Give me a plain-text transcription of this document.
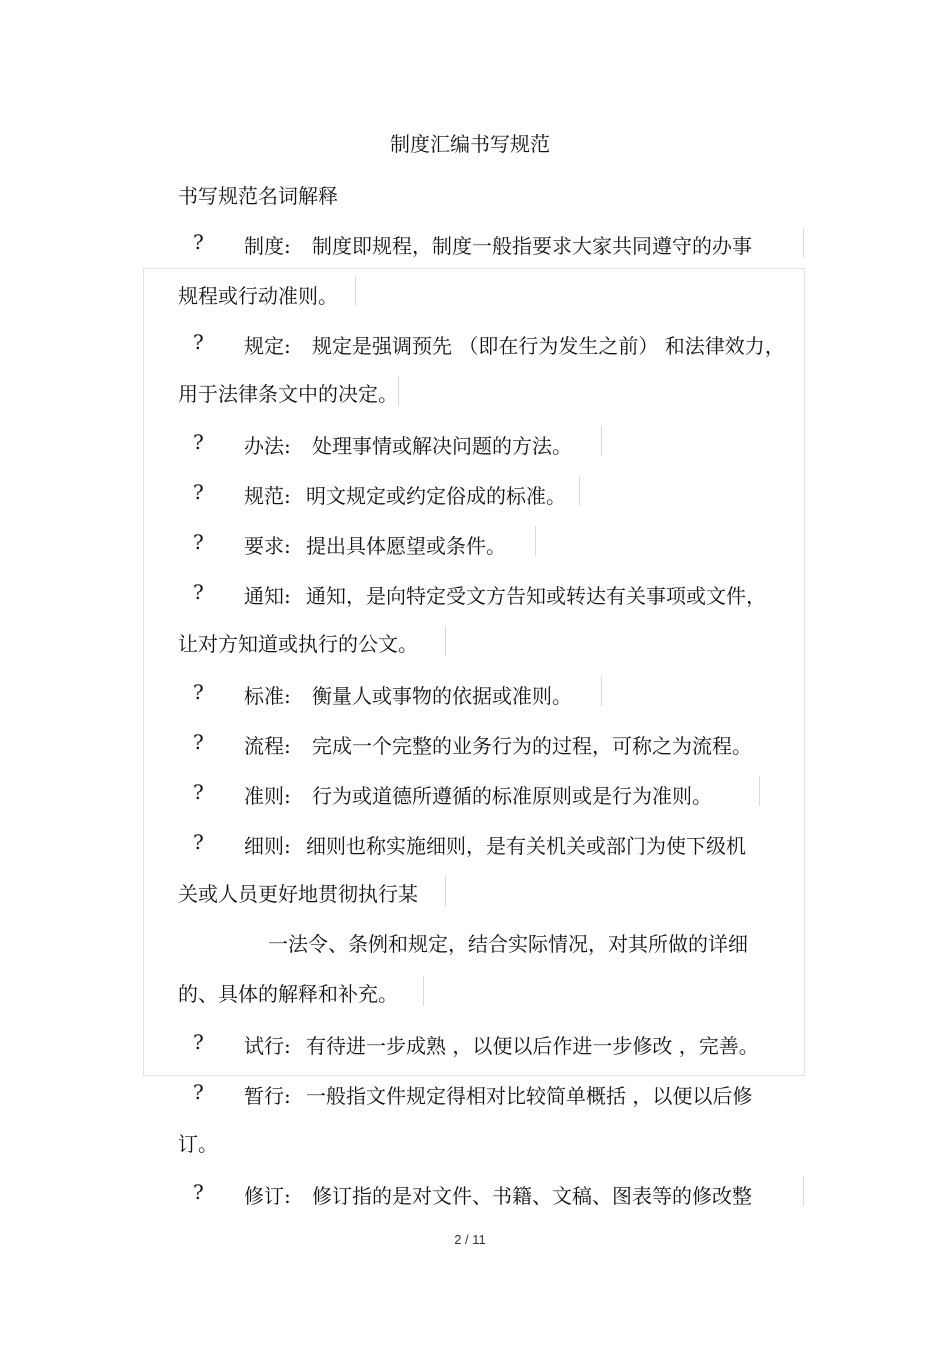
制度汇编书写规范
书写规范名词解释
? 制度: 制度即规程，制度一般指要求大家共同遵守的办事
规程或行动准则。
? 规定: 规定是强调预先 （即在行为发生之前） 和法律效力，
用于法律条文中的决定。
? 办法: 处理事情或解决问题的方法。
? 规范: 明文规定或约定俗成的标准。
? 要求: 提出具体愿望或条件。
? 通知: 通知，是向特定受文方告知或转达有关事项或文件，
让对方知道或执行的公文。
? 标准: 衡量人或事物的依据或准则。
? 流程: 完成一个完整的业务行为的过程，可称之为流程。
? 准则: 行为或道德所遵循的标准原则或是行为准则。
? 细则: 细则也称实施细则，是有关机关或部门为使下级机
关或人员更好地贯彻执行某
一法令、条例和规定，结合实际情况，对其所做的详细
的、具体的解释和补充。
? 试行: 有待进一步成熟 ，以便以后作进一步修改 ，完善。
? 暂行: 一般指文件规定得相对比较简单概括 ，以便以后修
订。
? 修订: 修订指的是对文件、书籍、文稿、图表等的修改整
2 / 11
